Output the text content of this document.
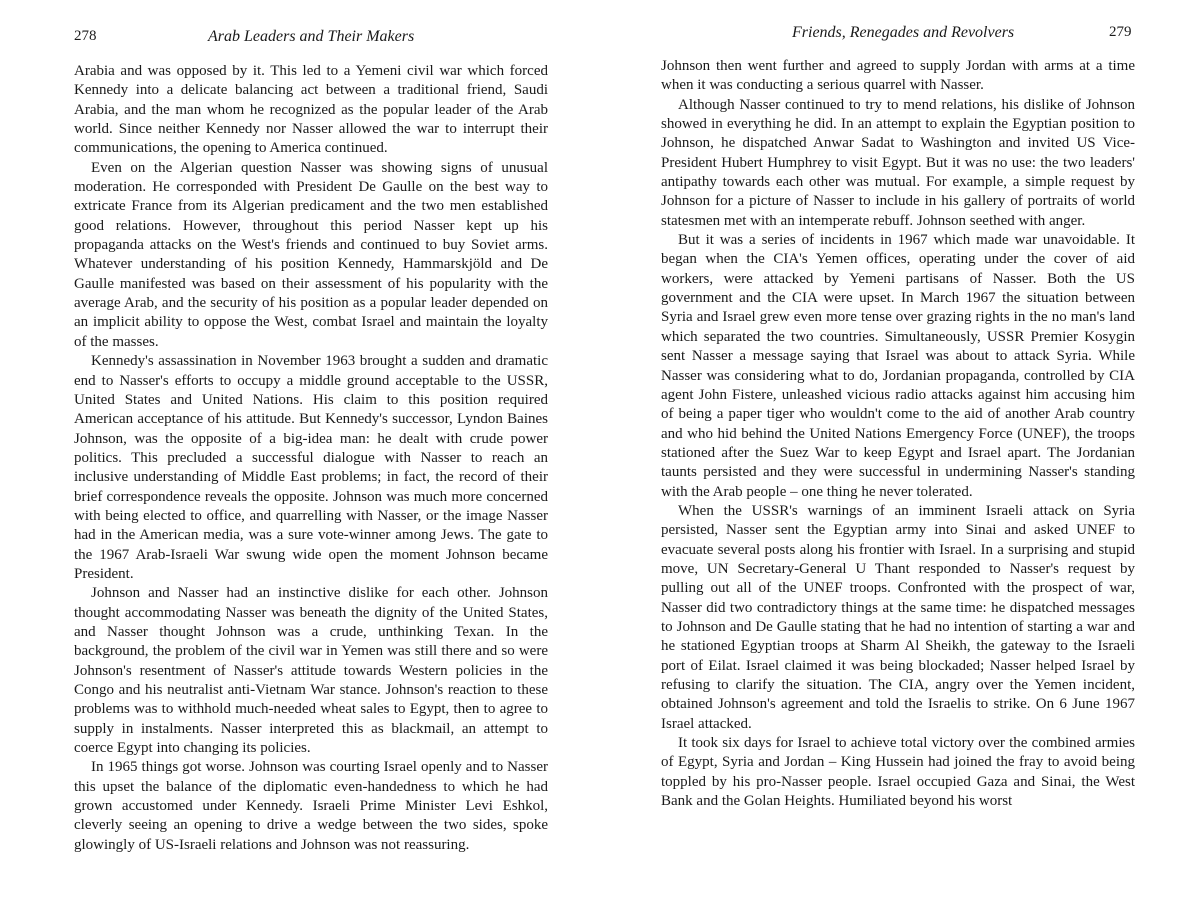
278	Arab Leaders and Their Makers

Arabia and was opposed by it. This led to a Yemeni civil war which forced Kennedy into a delicate balancing act between a traditional friend, Saudi Arabia, and the man whom he recognized as the popular leader of the Arab world. Since neither Kennedy nor Nasser allowed the war to interrupt their communications, the opening to America continued.

Even on the Algerian question Nasser was showing signs of unusual moderation. He corresponded with President De Gaulle on the best way to extricate France from its Algerian predicament and the two men established good relations. However, throughout this period Nasser kept up his propaganda attacks on the West's friends and continued to buy Soviet arms. Whatever understanding of his position Kennedy, Hammarskjöld and De Gaulle manifested was based on their assessment of his popularity with the average Arab, and the security of his position as a popular leader depended on an implicit ability to oppose the West, combat Israel and maintain the loyalty of the masses.

Kennedy's assassination in November 1963 brought a sudden and dramatic end to Nasser's efforts to occupy a middle ground acceptable to the USSR, United States and United Nations. His claim to this position required American acceptance of his attitude. But Kennedy's successor, Lyndon Baines Johnson, was the opposite of a big-idea man: he dealt with crude power politics. This precluded a successful dialogue with Nasser to reach an inclusive understanding of Middle East problems; in fact, the record of their brief correspondence reveals the opposite. Johnson was much more concerned with being elected to office, and quarrelling with Nasser, or the image Nasser had in the American media, was a sure vote-winner among Jews. The gate to the 1967 Arab-Israeli War swung wide open the moment Johnson became President.

Johnson and Nasser had an instinctive dislike for each other. Johnson thought accommodating Nasser was beneath the dignity of the United States, and Nasser thought Johnson was a crude, unthinking Texan. In the background, the problem of the civil war in Yemen was still there and so were Johnson's resentment of Nasser's attitude towards Western policies in the Congo and his neutralist anti-Vietnam War stance. Johnson's reaction to these problems was to withhold much-needed wheat sales to Egypt, then to agree to supply in instalments. Nasser interpreted this as blackmail, an attempt to coerce Egypt into changing its policies.

In 1965 things got worse. Johnson was courting Israel openly and to Nasser this upset the balance of the diplomatic even-handedness to which he had grown accustomed under Kennedy. Israeli Prime Minister Levi Eshkol, cleverly seeing an opening to drive a wedge between the two sides, spoke glowingly of US-Israeli relations and Johnson was not reassuring.

Friends, Renegades and Revolvers	279

Johnson then went further and agreed to supply Jordan with arms at a time when it was conducting a serious quarrel with Nasser.

Although Nasser continued to try to mend relations, his dislike of Johnson showed in everything he did. In an attempt to explain the Egyptian position to Johnson, he dispatched Anwar Sadat to Washington and invited US Vice-President Hubert Humphrey to visit Egypt. But it was no use: the two leaders' antipathy towards each other was mutual. For example, a simple request by Johnson for a picture of Nasser to include in his gallery of portraits of world statesmen met with an intemperate rebuff. Johnson seethed with anger.

But it was a series of incidents in 1967 which made war unavoidable. It began when the CIA's Yemen offices, operating under the cover of aid workers, were attacked by Yemeni partisans of Nasser. Both the US government and the CIA were upset. In March 1967 the situation between Syria and Israel grew even more tense over grazing rights in the no man's land which separated the two countries. Simultaneously, USSR Premier Kosygin sent Nasser a message saying that Israel was about to attack Syria. While Nasser was considering what to do, Jordanian propaganda, controlled by CIA agent John Fistere, unleashed vicious radio attacks against him accusing him of being a paper tiger who wouldn't come to the aid of another Arab country and who hid behind the United Nations Emergency Force (UNEF), the troops stationed after the Suez War to keep Egypt and Israel apart. The Jordanian taunts persisted and they were successful in undermining Nasser's standing with the Arab people – one thing he never tolerated.

When the USSR's warnings of an imminent Israeli attack on Syria persisted, Nasser sent the Egyptian army into Sinai and asked UNEF to evacuate several posts along his frontier with Israel. In a surprising and stupid move, UN Secretary-General U Thant responded to Nasser's request by pulling out all of the UNEF troops. Confronted with the prospect of war, Nasser did two contradictory things at the same time: he dispatched messages to Johnson and De Gaulle stating that he had no intention of starting a war and he stationed Egyptian troops at Sharm Al Sheikh, the gateway to the Israeli port of Eilat. Israel claimed it was being blockaded; Nasser helped Israel by refusing to clarify the situation. The CIA, angry over the Yemen incident, obtained Johnson's agreement and told the Israelis to strike. On 6 June 1967 Israel attacked.

It took six days for Israel to achieve total victory over the combined armies of Egypt, Syria and Jordan – King Hussein had joined the fray to avoid being toppled by his pro-Nasser people. Israel occupied Gaza and Sinai, the West Bank and the Golan Heights. Humiliated beyond his worst
